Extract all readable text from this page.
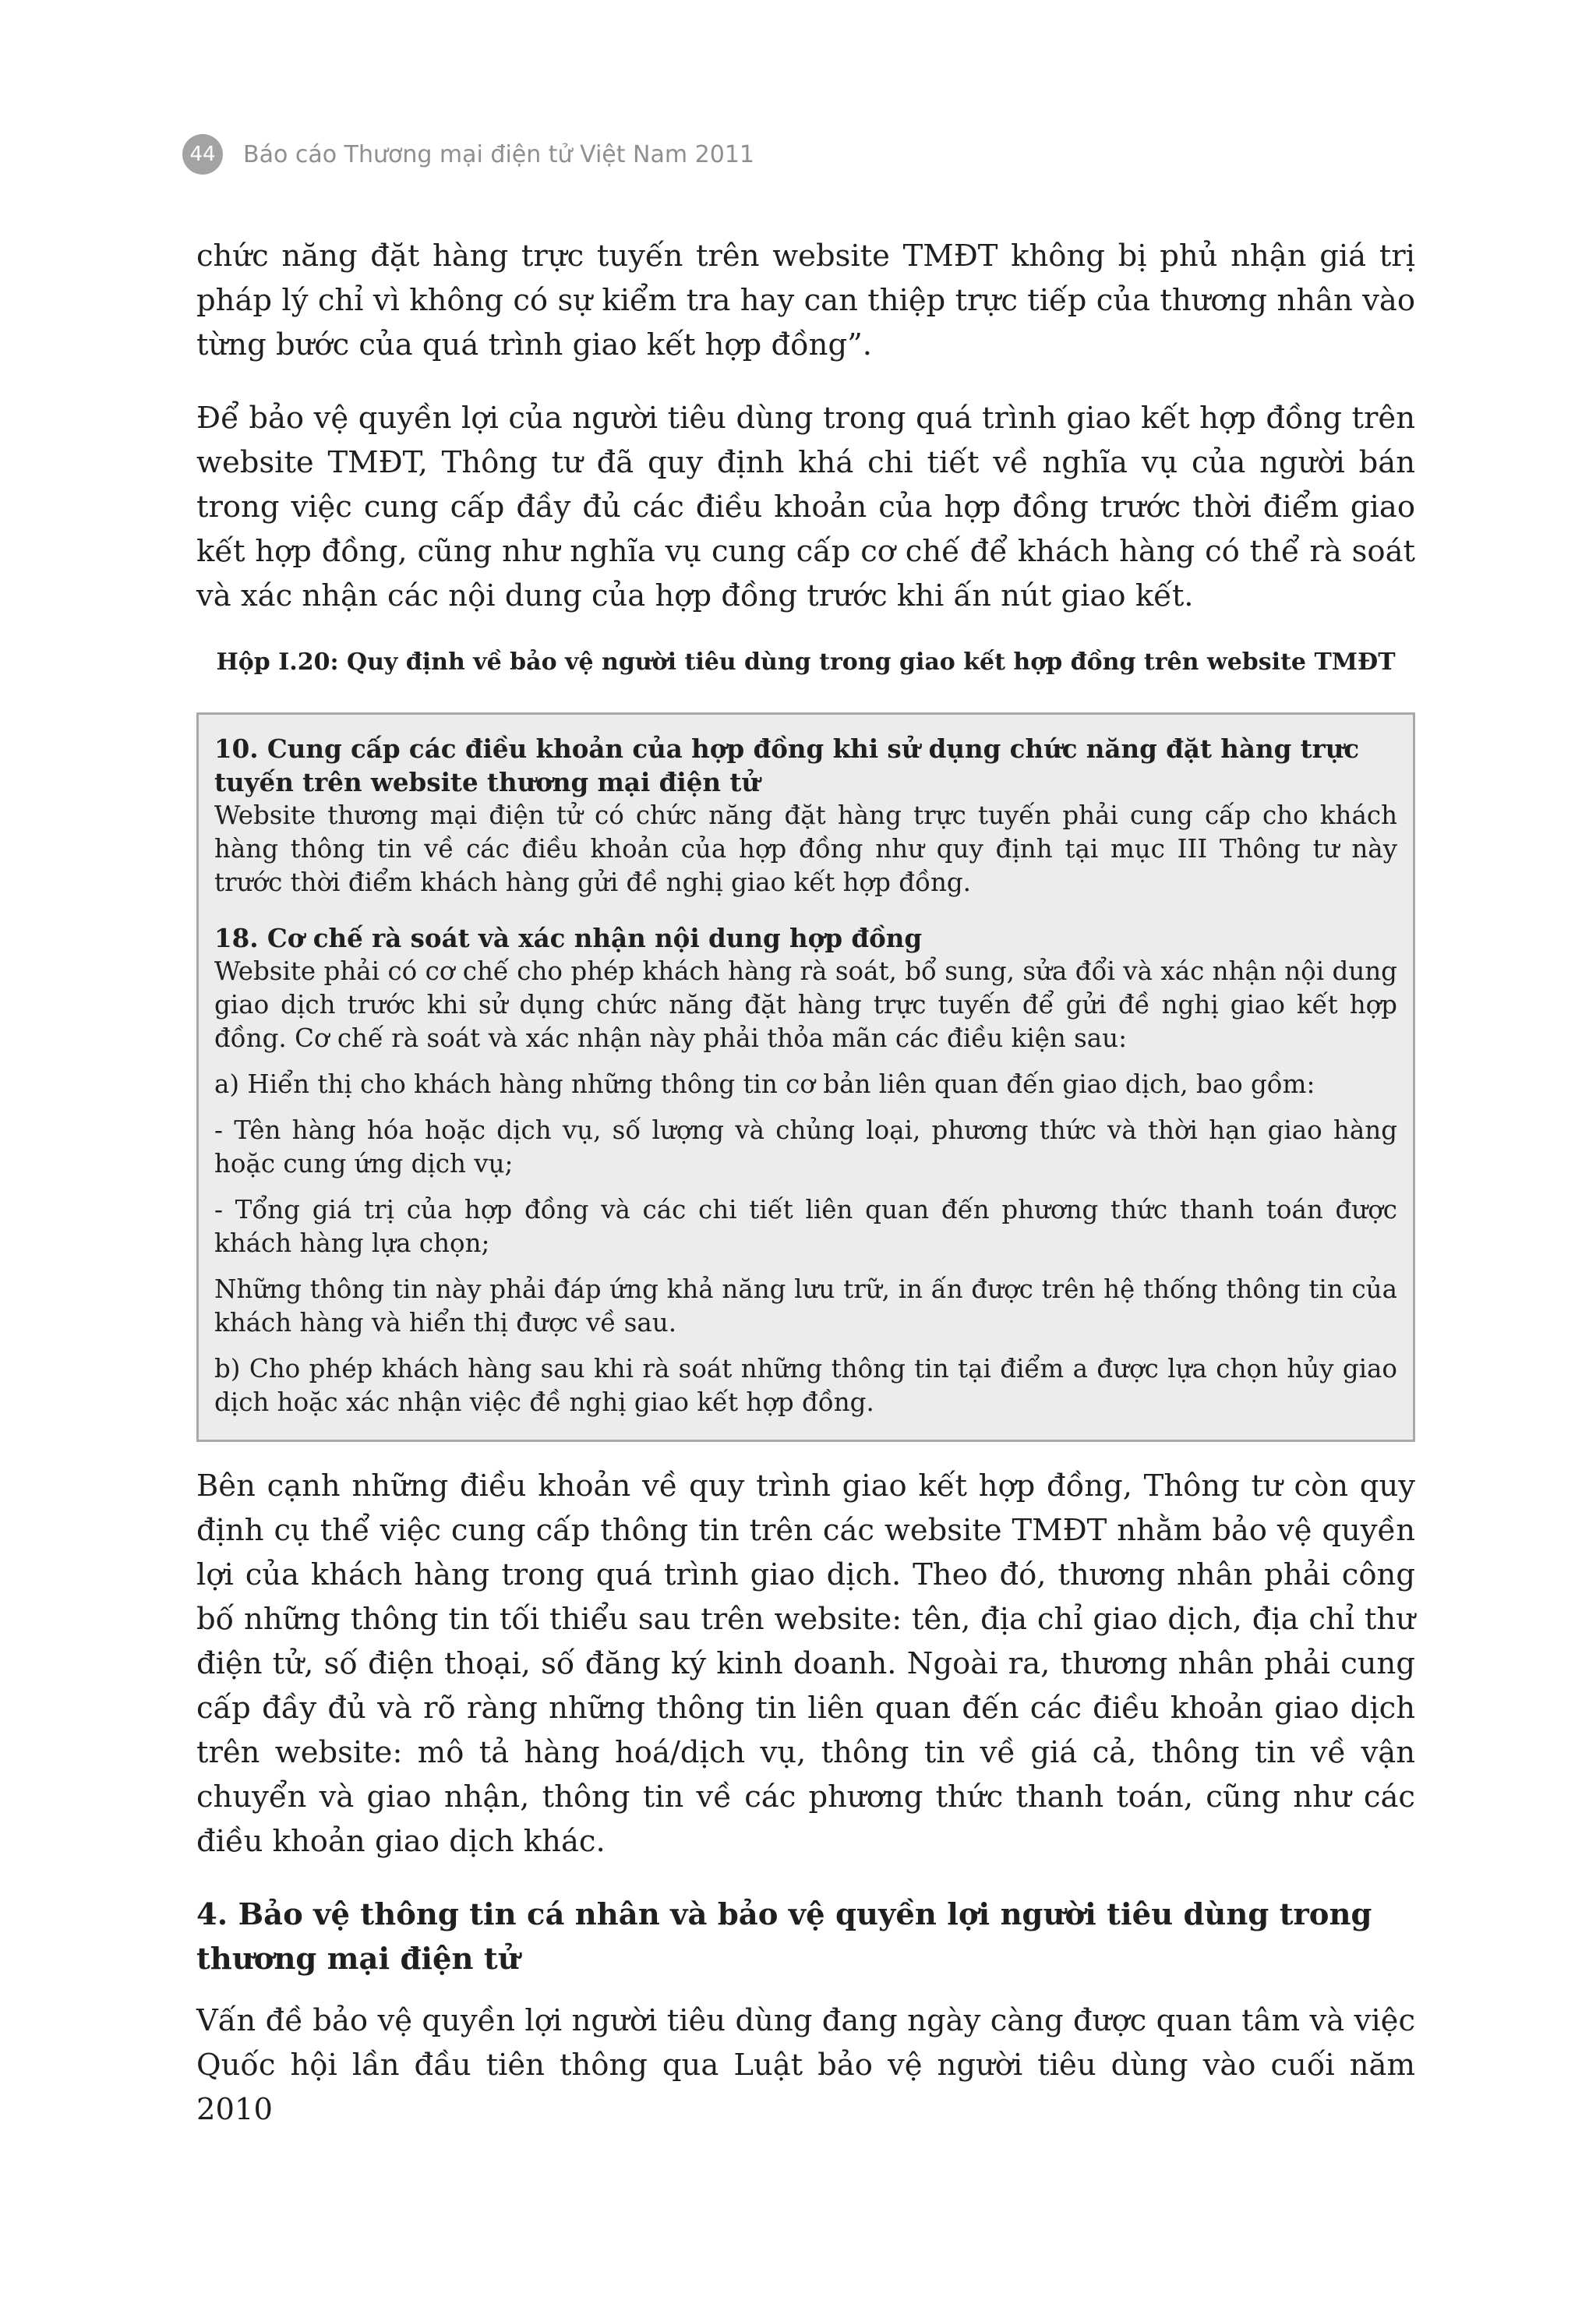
44	Báo cáo Thương mại điện tử Việt Nam 2011

chức năng đặt hàng trực tuyến trên website TMĐT không bị phủ nhận giá trị pháp lý chỉ vì không có sự kiểm tra hay can thiệp trực tiếp của thương nhân vào từng bước của quá trình giao kết hợp đồng”.

Để bảo vệ quyền lợi của người tiêu dùng trong quá trình giao kết hợp đồng trên website TMĐT, Thông tư đã quy định khá chi tiết về nghĩa vụ của người bán trong việc cung cấp đầy đủ các điều khoản của hợp đồng trước thời điểm giao kết hợp đồng, cũng như nghĩa vụ cung cấp cơ chế để khách hàng có thể rà soát và xác nhận các nội dung của hợp đồng trước khi ấn nút giao kết.

Hộp I.20: Quy định về bảo vệ người tiêu dùng trong giao kết hợp đồng trên website TMĐT

10. Cung cấp các điều khoản của hợp đồng khi sử dụng chức năng đặt hàng trực tuyến trên website thương mại điện tử

Website thương mại điện tử có chức năng đặt hàng trực tuyến phải cung cấp cho khách hàng thông tin về các điều khoản của hợp đồng như quy định tại mục III Thông tư này trước thời điểm khách hàng gửi đề nghị giao kết hợp đồng.

18. Cơ chế rà soát và xác nhận nội dung hợp đồng

Website phải có cơ chế cho phép khách hàng rà soát, bổ sung, sửa đổi và xác nhận nội dung giao dịch trước khi sử dụng chức năng đặt hàng trực tuyến để gửi đề nghị giao kết hợp đồng. Cơ chế rà soát và xác nhận này phải thỏa mãn các điều kiện sau:

a) Hiển thị cho khách hàng những thông tin cơ bản liên quan đến giao dịch, bao gồm:

- Tên hàng hóa hoặc dịch vụ, số lượng và chủng loại, phương thức và thời hạn giao hàng hoặc cung ứng dịch vụ;

- Tổng giá trị của hợp đồng và các chi tiết liên quan đến phương thức thanh toán được khách hàng lựa chọn;

Những thông tin này phải đáp ứng khả năng lưu trữ, in ấn được trên hệ thống thông tin của khách hàng và hiển thị được về sau.

b) Cho phép khách hàng sau khi rà soát những thông tin tại điểm a được lựa chọn hủy giao dịch hoặc xác nhận việc đề nghị giao kết hợp đồng.

Bên cạnh những điều khoản về quy trình giao kết hợp đồng, Thông tư còn quy định cụ thể việc cung cấp thông tin trên các website TMĐT nhằm bảo vệ quyền lợi của khách hàng trong quá trình giao dịch. Theo đó, thương nhân phải công bố những thông tin tối thiểu sau trên website: tên, địa chỉ giao dịch, địa chỉ thư điện tử, số điện thoại, số đăng ký kinh doanh. Ngoài ra, thương nhân phải cung cấp đầy đủ và rõ ràng những thông tin liên quan đến các điều khoản giao dịch trên website: mô tả hàng hoá/dịch vụ, thông tin về giá cả, thông tin về vận chuyển và giao nhận, thông tin về các phương thức thanh toán, cũng như các điều khoản giao dịch khác.

4. Bảo vệ thông tin cá nhân và bảo vệ quyền lợi người tiêu dùng trong thương mại điện tử

Vấn đề bảo vệ quyền lợi người tiêu dùng đang ngày càng được quan tâm và việc Quốc hội lần đầu tiên thông qua Luật bảo vệ người tiêu dùng vào cuối năm 2010
